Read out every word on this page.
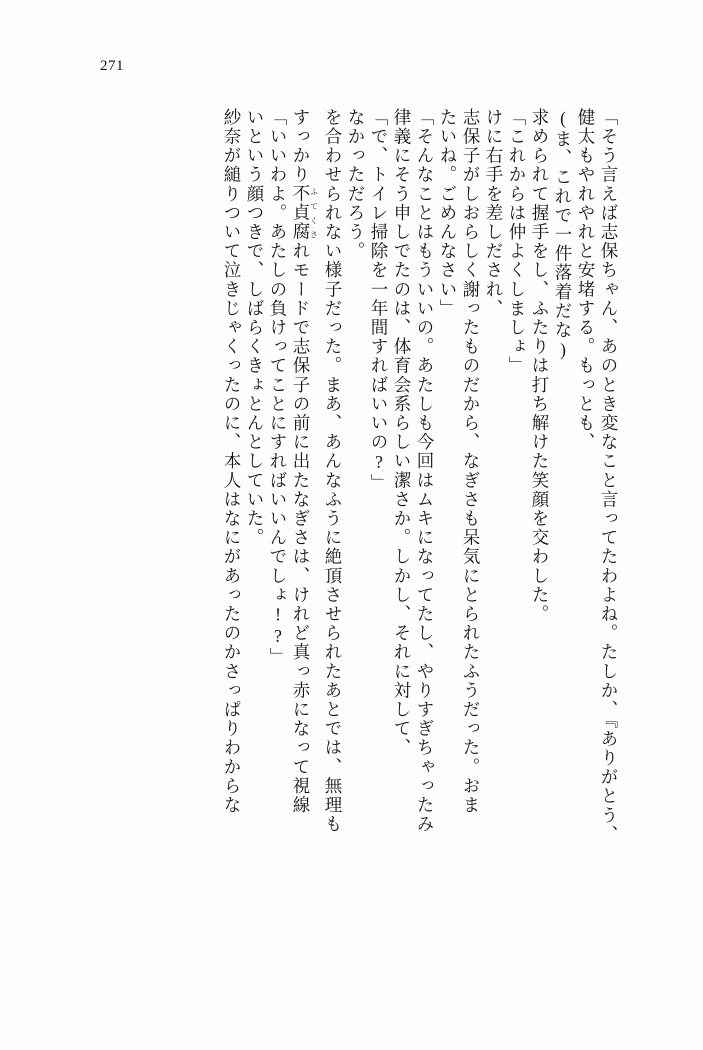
271
紗奈が縋りついて泣きじゃくったのに、本人はなにがあったのかさっぱりわからな いという顔つきで、しばらくきょとんとしていた。 「いいわよ。あたしの負けってことにすればいいんでしょ!?」 すっかり不貞腐ふてくされモードで志保子の前に出たなぎさは、けれど真っ赤になって視線 を合わせられない様子だった。まあ、あんなふうに絶頂させられたあとでは、無理も なかっただろう。 「で、トイレ掃除を一年間すればいいの?」 律義にそう申しでたのは、体育会系らしい潔さか。しかし、それに対して、 「そんなことはもういいの。あたしも今回はムキになってたし、やりすぎちゃったみ たいね。ごめんなさい」 志保子がしおらしく謝ったものだから、なぎさも呆気にとられたふうだった。おま けに右手を差しだされ、 「これからは仲よくしましょ」 求められて握手をし、ふたりは打ち解けた笑顔を交わした。 (ま、これで一件落着だな) 健太もやれやれと安堵する。もっとも、 「そう言えば志保ちゃん、あのとき変なこと言ってたわよね。たしか、『ありがとう、
